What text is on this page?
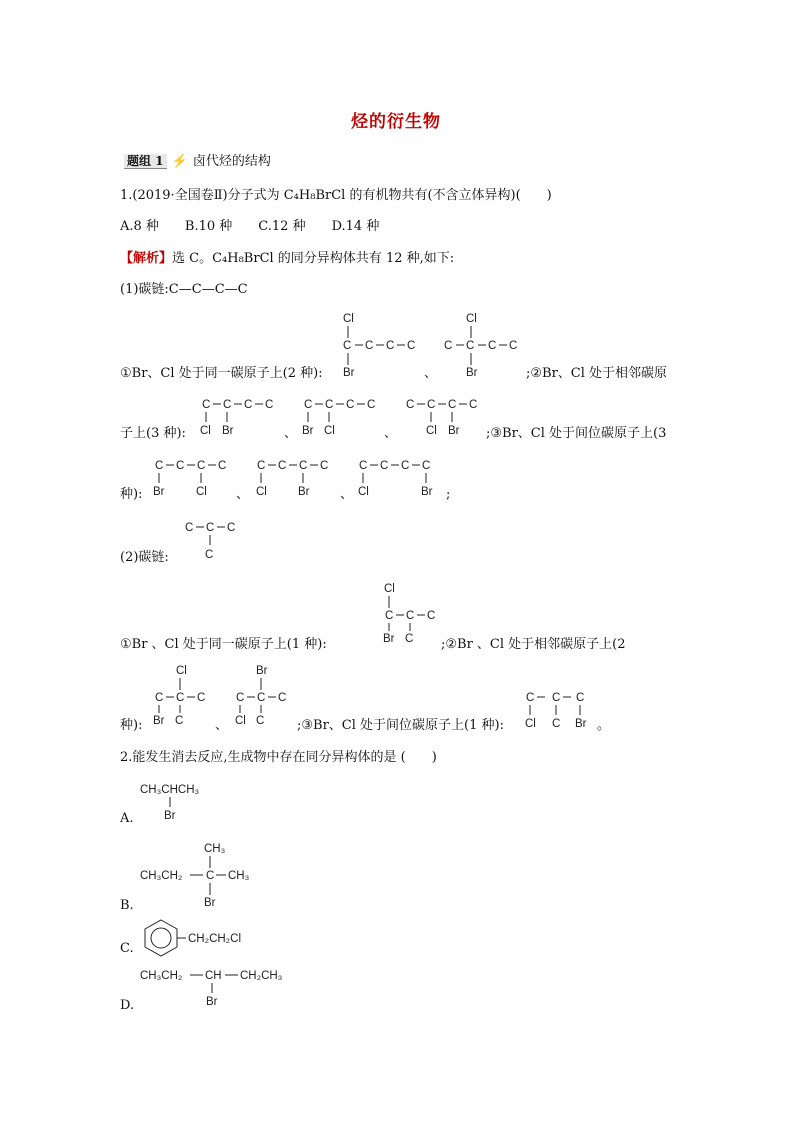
烃的衍生物
题组 1 ⚡ 卤代烃的结构
1.(2019·全国卷Ⅱ)分子式为 C₄H₈BrCl 的有机物共有(不含立体异构)(　　)
A.8 种　　B.10 种　　C.12 种　　D.14 种
【解析】选 C。C₄H₈BrCl 的同分异构体共有 12 种,如下:
(1)碳链:C—C—C—C
Cl
C C C C
Br
C
Cl
C C C
Br
①Br、Cl 处于同一碳原子上(2 种):	、	;②Br、Cl 处于相邻碳原
C C C C
Cl Br
C C C C
Br Cl
C C C C
Cl Br
子上(3 种):	、	、	;③Br、Cl 处于间位碳原子上(3
C C C C
Br	Cl
C C C C
Cl	Br
C C C C
Cl	Br
种):	、	、	;
C C C
C
(2)碳链:
Cl
C C C
Br C
①Br 、Cl 处于同一碳原子上(1 种):	;②Br 、Cl 处于相邻碳原子上(2
Cl
C C C
Br C
Br
C C C
Cl C
C C C
Cl C Br
种):	、	;③Br、Cl 处于间位碳原子上(1 种):	。
2.能发生消去反应,生成物中存在同分异构体的是 (　　)
CH₃CHCH₃
Br
A.
CH₃
CH₃CH₂ C CH₃
Br
B.
CH₂CH₂Cl
C.
CH₃CH₂ CH CH₂CH₃
Br
D.
